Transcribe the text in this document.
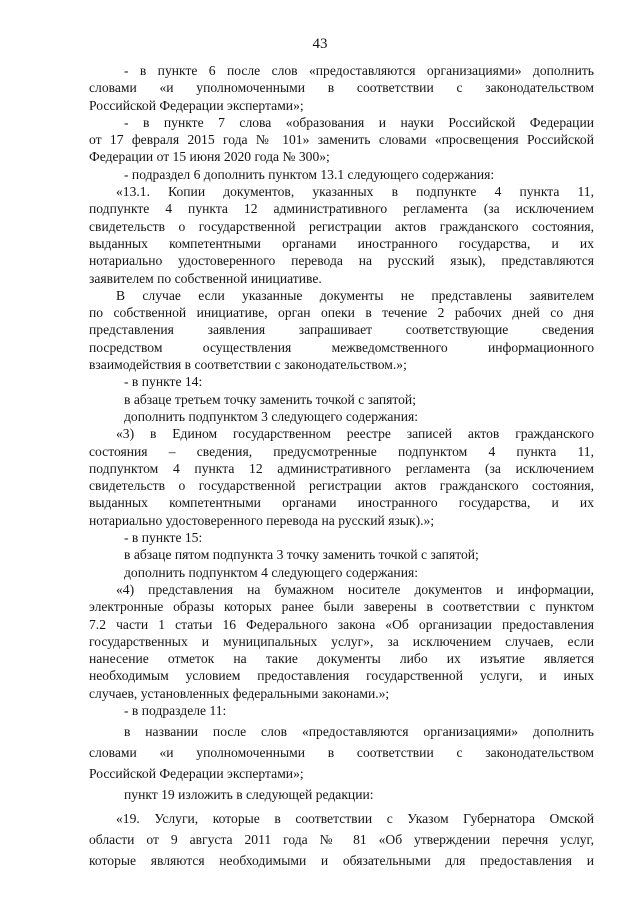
43
- в пункте 6 после слов «предоставляются организациями» дополнить
словами «и уполномоченными в соответствии с законодательством
Российской Федерации экспертами»;
- в пункте 7 слова «образования и науки Российской Федерации
от 17 февраля 2015 года № 101» заменить словами «просвещения Российской
Федерации от 15 июня 2020 года № 300»;
- подраздел 6 дополнить пунктом 13.1 следующего содержания:
«13.1. Копии документов, указанных в подпункте 4 пункта 11,
подпункте 4 пункта 12 административного регламента (за исключением
свидетельств о государственной регистрации актов гражданского состояния,
выданных компетентными органами иностранного государства, и их
нотариально удостоверенного перевода на русский язык), представляются
заявителем по собственной инициативе.
В случае если указанные документы не представлены заявителем
по собственной инициативе, орган опеки в течение 2 рабочих дней со дня
представления заявления запрашивает соответствующие сведения
посредством осуществления межведомственного информационного
взаимодействия в соответствии с законодательством.»;
- в пункте 14:
в абзаце третьем точку заменить точкой с запятой;
дополнить подпунктом 3 следующего содержания:
«3) в Едином государственном реестре записей актов гражданского
состояния – сведения, предусмотренные подпунктом 4 пункта 11,
подпунктом 4 пункта 12 административного регламента (за исключением
свидетельств о государственной регистрации актов гражданского состояния,
выданных компетентными органами иностранного государства, и их
нотариально удостоверенного перевода на русский язык).»;
- в пункте 15:
в абзаце пятом подпункта 3 точку заменить точкой с запятой;
дополнить подпунктом 4 следующего содержания:
«4) представления на бумажном носителе документов и информации,
электронные образы которых ранее были заверены в соответствии с пунктом
7.2 части 1 статьи 16 Федерального закона «Об организации предоставления
государственных и муниципальных услуг», за исключением случаев, если
нанесение отметок на такие документы либо их изъятие является
необходимым условием предоставления государственной услуги, и иных
случаев, установленных федеральными законами.»;
- в подразделе 11:
в названии после слов «предоставляются организациями» дополнить
словами «и уполномоченными в соответствии с законодательством
Российской Федерации экспертами»;
пункт 19 изложить в следующей редакции:
«19. Услуги, которые в соответствии с Указом Губернатора Омской
области от 9 августа 2011 года № 81 «Об утверждении перечня услуг,
которые являются необходимыми и обязательными для предоставления и
